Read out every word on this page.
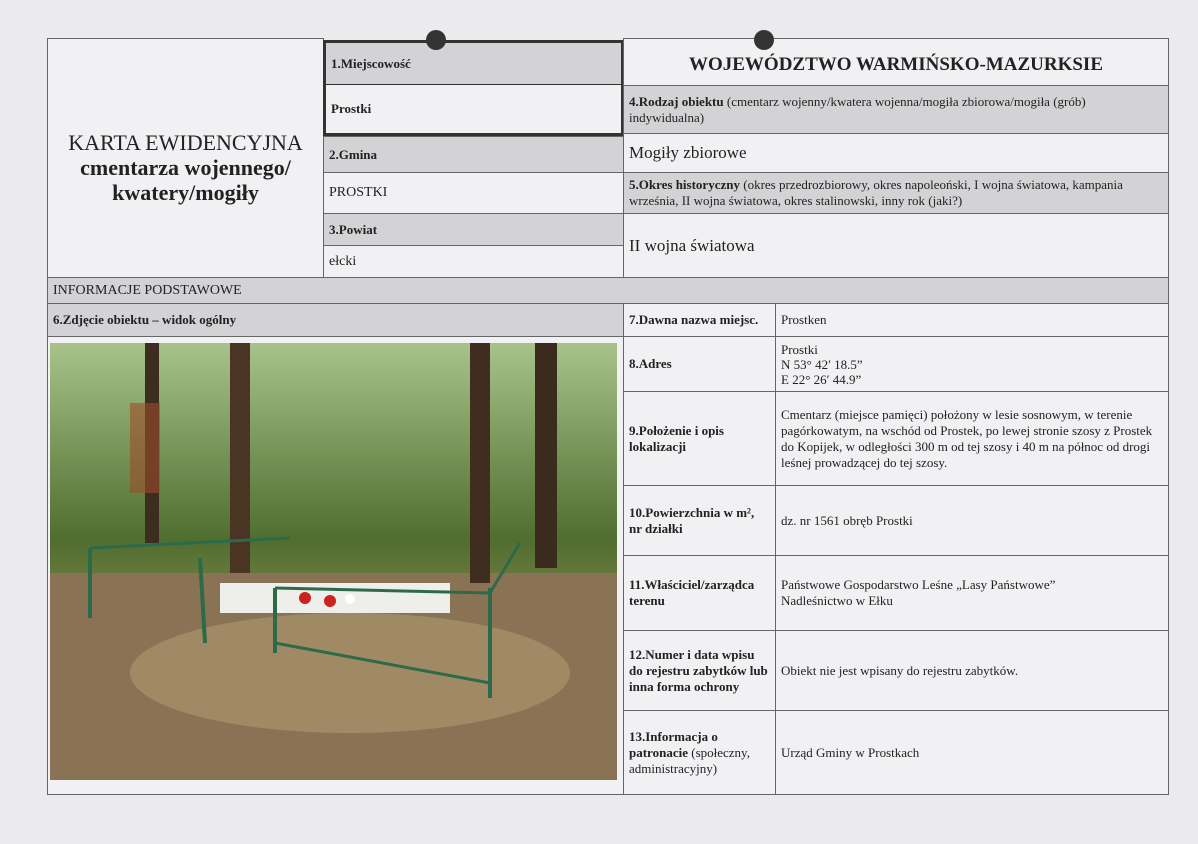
KARTA EWIDENCYJNA
cmentarza wojennego/
kwatery/mogiły
1.Miejscowość
Prostki
2.Gmina
PROSTKI
3.Powiat
ełcki
WOJEWÓDZTWO WARMIŃSKO-MAZURKSIE
4.Rodzaj obiektu (cmentarz wojenny/kwatera wojenna/mogiła zbiorowa/mogiła (grób) indywidualna)
Mogiły zbiorowe
5.Okres historyczny (okres przedrozbiorowy, okres napoleoński, I wojna światowa, kampania września, II wojna światowa, okres stalinowski, inny rok (jaki?)
II wojna światowa
INFORMACJE PODSTAWOWE
6.Zdjęcie obiektu – widok ogólny	7.Dawna nazwa miejsc.	Prostken
8.Adres
Prostki
N 53° 42′ 18.5”
E 22° 26′ 44.9”
9.Położenie i opis lokalizacji
Cmentarz (miejsce pamięci) położony w lesie sosnowym, w terenie pagórkowatym, na wschód od Prostek, po lewej stronie szosy z Prostek do Kopijek, w odległości 300 m od tej szosy i 40 m na północ od drogi leśnej prowadzącej do tej szosy.
10.Powierzchnia w m², nr działki
dz. nr 1561 obręb Prostki
11.Właściciel/zarządca terenu
Państwowe Gospodarstwo Leśne „Lasy Państwowe”
Nadleśnictwo w Ełku
12.Numer i data wpisu do rejestru zabytków lub inna forma ochrony
Obiekt nie jest wpisany do rejestru zabytków.
13.Informacja o patronacie (społeczny, administracyjny)
Urząd Gminy w Prostkach
